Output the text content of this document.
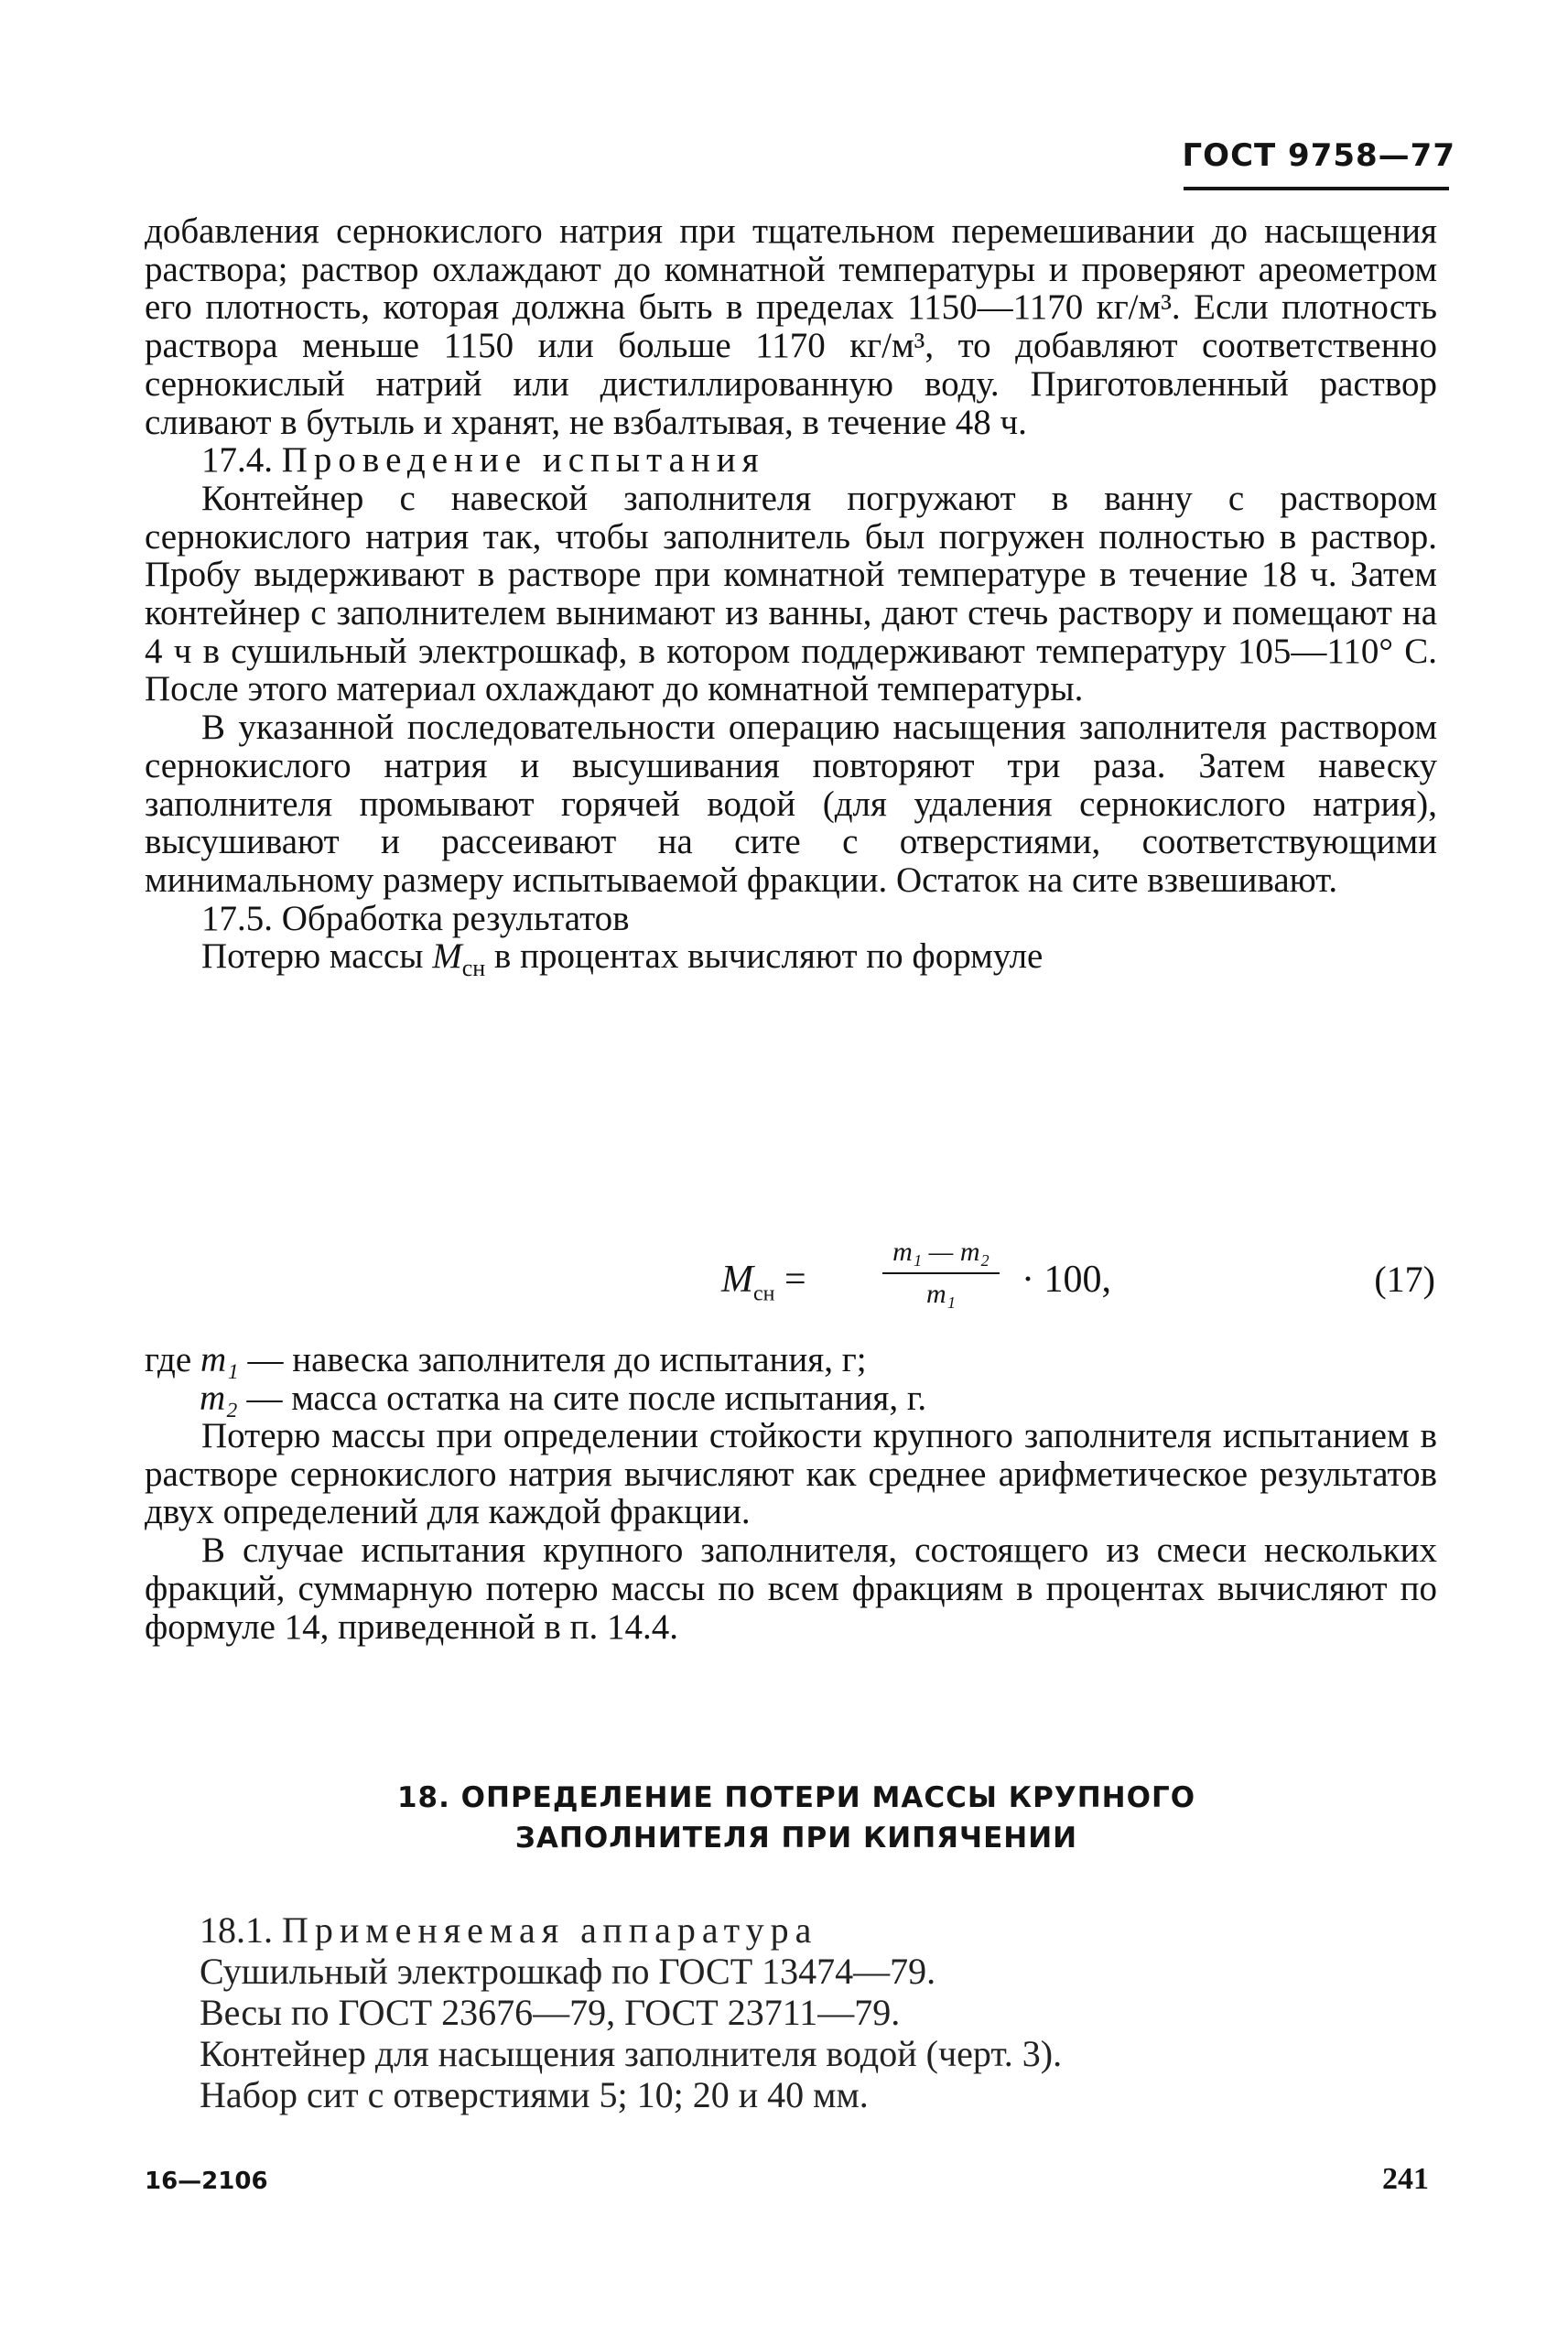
ГОСТ 9758—77

добавления сернокислого натрия при тщательном перемешивании до насыщения раствора; раствор охлаждают до комнатной температуры и проверяют ареометром его плотность, которая должна быть в пределах 1150—1170 кг/м³. Если плотность раствора меньше 1150 или больше 1170 кг/м³, то добавляют соответственно сернокислый натрий или дистиллированную воду. Приготовленный раствор сливают в бутыль и хранят, не взбалтывая, в течение 48 ч.

17.4. Проведение испытания

Контейнер с навеской заполнителя погружают в ванну с раствором сернокислого натрия так, чтобы заполнитель был погружен полностью в раствор. Пробу выдерживают в растворе при комнатной температуре в течение 18 ч. Затем контейнер с заполнителем вынимают из ванны, дают стечь раствору и помещают на 4 ч в сушильный электрошкаф, в котором поддерживают температуру 105—110° С. После этого материал охлаждают до комнатной температуры.

В указанной последовательности операцию насыщения заполнителя раствором сернокислого натрия и высушивания повторяют три раза. Затем навеску заполнителя промывают горячей водой (для удаления сернокислого натрия), высушивают и рассеивают на сите с отверстиями, соответствующими минимальному размеру испытываемой фракции. Остаток на сите взвешивают.

17.5. Обработка результатов

Потерю массы $M_{сн}$ в процентах вычисляют по формуле

$M_{сн}$ =
m₁ — m₂
m₁	· 100,	(17)
где m₁ — навеска заполнителя до испытания, г;
m₂ — масса остатка на сите после испытания, г.

Потерю массы при определении стойкости крупного заполнителя испытанием в растворе сернокислого натрия вычисляют как среднее арифметическое результатов двух определений для каждой фракции.

В случае испытания крупного заполнителя, состоящего из смеси нескольких фракций, суммарную потерю массы по всем фракциям в процентах вычисляют по формуле 14, приведенной в п. 14.4.

18. ОПРЕДЕЛЕНИЕ ПОТЕРИ МАССЫ КРУПНОГО
ЗАПОЛНИТЕЛЯ ПРИ КИПЯЧЕНИИ
18.1. Применяемая аппаратура
Сушильный электрошкаф по ГОСТ 13474—79.
Весы по ГОСТ 23676—79, ГОСТ 23711—79.
Контейнер для насыщения заполнителя водой (черт. 3).
Набор сит с отверстиями 5; 10; 20 и 40 мм.
16—2106	241
